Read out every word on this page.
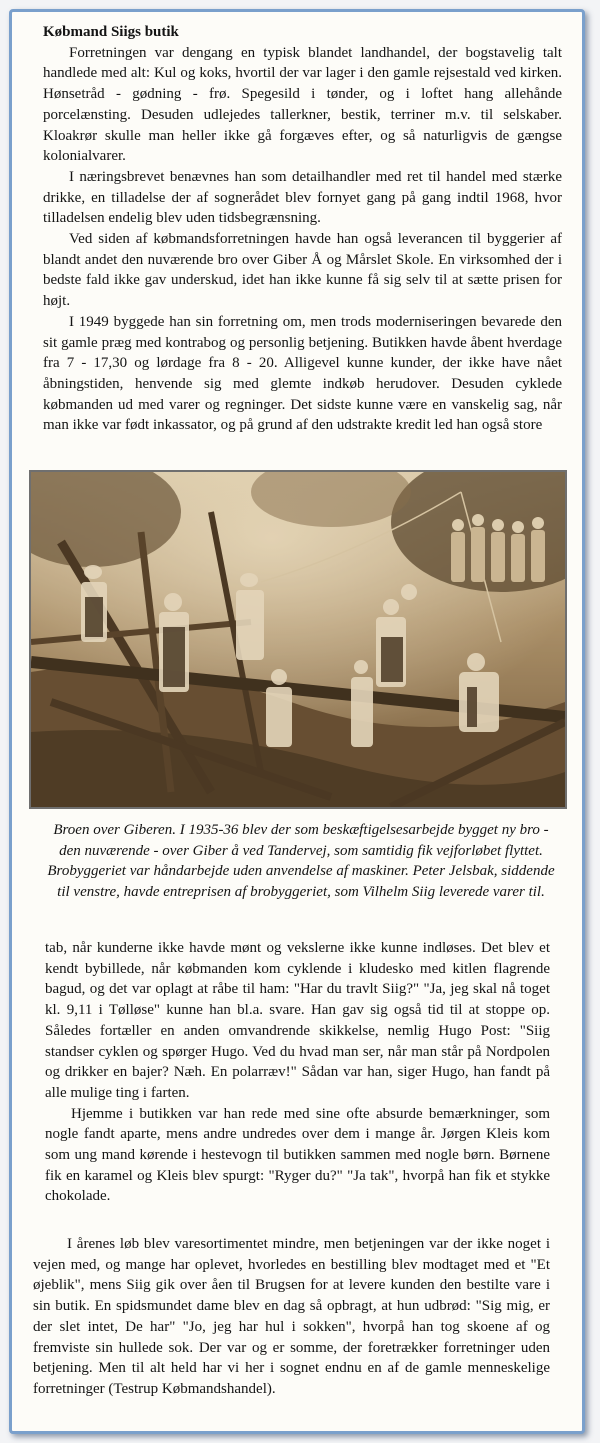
Købmand Siigs butik

Forretningen var dengang en typisk blandet landhandel, der bogstavelig talt handlede med alt: Kul og koks, hvortil der var lager i den gamle rejsestald ved kirken. Hønsetråd - gødning - frø. Spegesild i tønder, og i loftet hang allehånde porcelænsting. Desuden udlejedes tallerkner, bestik, terriner m.v. til selskaber. Kloakrør skulle man heller ikke gå forgæves efter, og så naturligvis de gængse kolonialvarer.

I næringsbrevet benævnes han som detailhandler med ret til handel med stærke drikke, en tilladelse der af sognerådet blev fornyet gang på gang indtil 1968, hvor tilladelsen endelig blev uden tidsbegrænsning.

Ved siden af købmandsforretningen havde han også leverancen til byggerier af blandt andet den nuværende bro over Giber Å og Mårslet Skole. En virksomhed der i bedste fald ikke gav underskud, idet han ikke kunne få sig selv til at sætte prisen for højt.

I 1949 byggede han sin forretning om, men trods moderniseringen bevarede den sit gamle præg med kontrabog og personlig betjening. Butikken havde åbent hverdage fra 7 - 17,30 og lørdage fra 8 - 20. Alligevel kunne kunder, der ikke have nået åbningstiden, henvende sig med glemte indkøb herudover. Desuden cyklede købmanden ud med varer og regninger. Det sidste kunne være en vanskelig sag, når man ikke var født inkassator, og på grund af den udstrakte kredit led han også store

Broen over Giberen. I 1935-36 blev der som beskæftigelsesarbejde bygget ny bro - den nuværende - over Giber å ved Tandervej, som samtidig fik vejforløbet flyttet. Brobyggeriet var håndarbejde uden anvendelse af maskiner. Peter Jelsbak, siddende til venstre, havde entreprisen af brobyggeriet, som Vilhelm Siig leverede varer til.

tab, når kunderne ikke havde mønt og vekslerne ikke kunne indløses. Det blev et kendt bybillede, når købmanden kom cyklende i kludesko med kitlen flagrende bagud, og det var oplagt at råbe til ham: "Har du travlt Siig?" "Ja, jeg skal nå toget kl. 9,11 i Tølløse" kunne han bl.a. svare. Han gav sig også tid til at stoppe op. Således fortæller en anden omvandrende skikkelse, nemlig Hugo Post: "Siig standser cyklen og spørger Hugo. Ved du hvad man ser, når man står på Nordpolen og drikker en bajer? Næh. En polarræv!" Sådan var han, siger Hugo, han fandt på alle mulige ting i farten.

Hjemme i butikken var han rede med sine ofte absurde bemærkninger, som nogle fandt aparte, mens andre undredes over dem i mange år. Jørgen Kleis kom som ung mand kørende i hestevogn til butikken sammen med nogle børn. Børnene fik en karamel og Kleis blev spurgt: "Ryger du?" "Ja tak", hvorpå han fik et stykke chokolade.

I årenes løb blev varesortimentet mindre, men betjeningen var der ikke noget i vejen med, og mange har oplevet, hvorledes en bestilling blev modtaget med et "Et øjeblik", mens Siig gik over åen til Brugsen for at levere kunden den bestilte vare i sin butik. En spidsmundet dame blev en dag så opbragt, at hun udbrød: "Sig mig, er der slet intet, De har" "Jo, jeg har hul i sokken", hvorpå han tog skoene af og fremviste sin hullede sok. Der var og er somme, der foretrækker forretninger uden betjening. Men til alt held har vi her i sognet endnu en af de gamle menneskelige forretninger (Testrup Købmandshandel).
